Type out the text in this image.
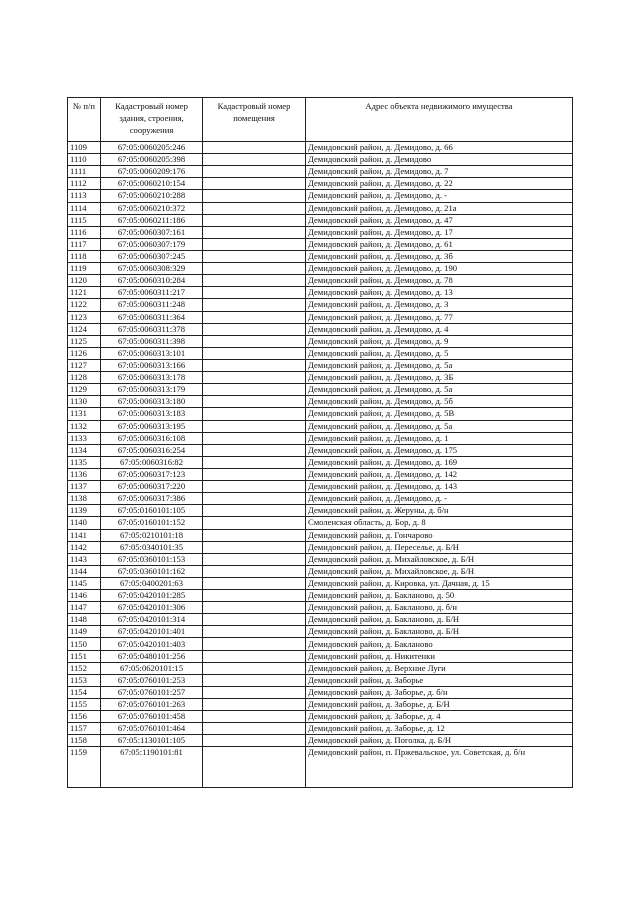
№ п/п	Кадастровый номер здания, строения, сооружения	Кадастровый номер помещения	Адрес объекта недвижимого имущества
1109	67:05:0060205:246		Демидовский район, д. Демидово, д. 66
1110	67:05:0060205:398		Демидовский район, д. Демидово
1111	67:05:0060209:176		Демидовский район, д. Демидово, д. 7
1112	67:05:0060210:154		Демидовский район, д. Демидово, д. 22
1113	67:05:0060210:288		Демидовский район, д. Демидово, д. -
1114	67:05:0060210:372		Демидовский район, д. Демидово, д. 21а
1115	67:05:0060211:186		Демидовский район, д. Демидово, д. 47
1116	67:05:0060307:161		Демидовский район, д. Демидово, д. 17
1117	67:05:0060307:179		Демидовский район, д. Демидово, д. 61
1118	67:05:0060307:245		Демидовский район, д. Демидово, д. 3б
1119	67:05:0060308:329		Демидовский район, д. Демидово, д. 190
1120	67:05:0060310:284		Демидовский район, д. Демидово, д. 78
1121	67:05:0060311:217		Демидовский район, д. Демидово, д. 13
1122	67:05:0060311:248		Демидовский район, д. Демидово, д. 3
1123	67:05:0060311:364		Демидовский район, д. Демидово, д. 77
1124	67:05:0060311:378		Демидовский район, д. Демидово, д. 4
1125	67:05:0060311:398		Демидовский район, д. Демидово, д. 9
1126	67:05:0060313:101		Демидовский район, д. Демидово, д. 5
1127	67:05:0060313:166		Демидовский район, д. Демидово, д. 5а
1128	67:05:0060313:178		Демидовский район, д. Демидово, д. 3Б
1129	67:05:0060313:179		Демидовский район, д. Демидово, д. 5а
1130	67:05:0060313:180		Демидовский район, д. Демидово, д. 5б
1131	67:05:0060313:183		Демидовский район, д. Демидово, д. 5В
1132	67:05:0060313:195		Демидовский район, д. Демидово, д. 5а
1133	67:05:0060316:108		Демидовский район, д. Демидово, д. 1
1134	67:05:0060316:254		Демидовский район, д. Демидово, д. 175
1135	67:05:0060316:82		Демидовский район, д. Демидово, д. 169
1136	67:05:0060317:123		Демидовский район, д. Демидово, д. 142
1137	67:05:0060317:220		Демидовский район, д. Демидово, д. 143
1138	67:05:0060317:386		Демидовский район, д. Демидово, д. -
1139	67:05:0160101:105		Демидовский район, д. Жеруны, д. б/н
1140	67:05:0160101:152		Смоленская область, д. Бор, д. 8
1141	67:05:0210101:18		Демидовский район, д. Гончарово
1142	67:05:0340101:35		Демидовский район, д. Переселье, д. Б/Н
1143	67:05:0360101:153		Демидовский район, д. Михайловское, д. Б/Н
1144	67:05:0360101:162		Демидовский район, д. Михайловское, д. Б/Н
1145	67:05:0400201:63		Демидовский район, д. Кировка, ул. Дачная, д. 15
1146	67:05:0420101:285		Демидовский район, д. Бакланово, д. 50
1147	67:05:0420101:306		Демидовский район, д. Бакланово, д. б/н
1148	67:05:0420101:314		Демидовский район, д. Бакланово, д. Б/Н
1149	67:05:0420101:401		Демидовский район, д. Бакланово, д. Б/Н
1150	67:05:0420101:403		Демидовский район, д. Бакланово
1151	67:05:0480101:256		Демидовский район, д. Никитенки
1152	67:05:0620101:15		Демидовский район, д. Верхние Луги
1153	67:05:0760101:253		Демидовский район, д. Заборье
1154	67:05:0760101:257		Демидовский район, д. Заборье, д. б/н
1155	67:05:0760101:263		Демидовский район, д. Заборье, д. Б/Н
1156	67:05:0760101:458		Демидовский район, д. Заборье, д. 4
1157	67:05:0760101:464		Демидовский район, д. Заборье, д. 12
1158	67:05:1130101:105		Демидовский район, д. Поголка, д. Б/Н
1159	67:05:1190101:81		Демидовский район, п. Пржевальское, ул. Советская, д. б/н
